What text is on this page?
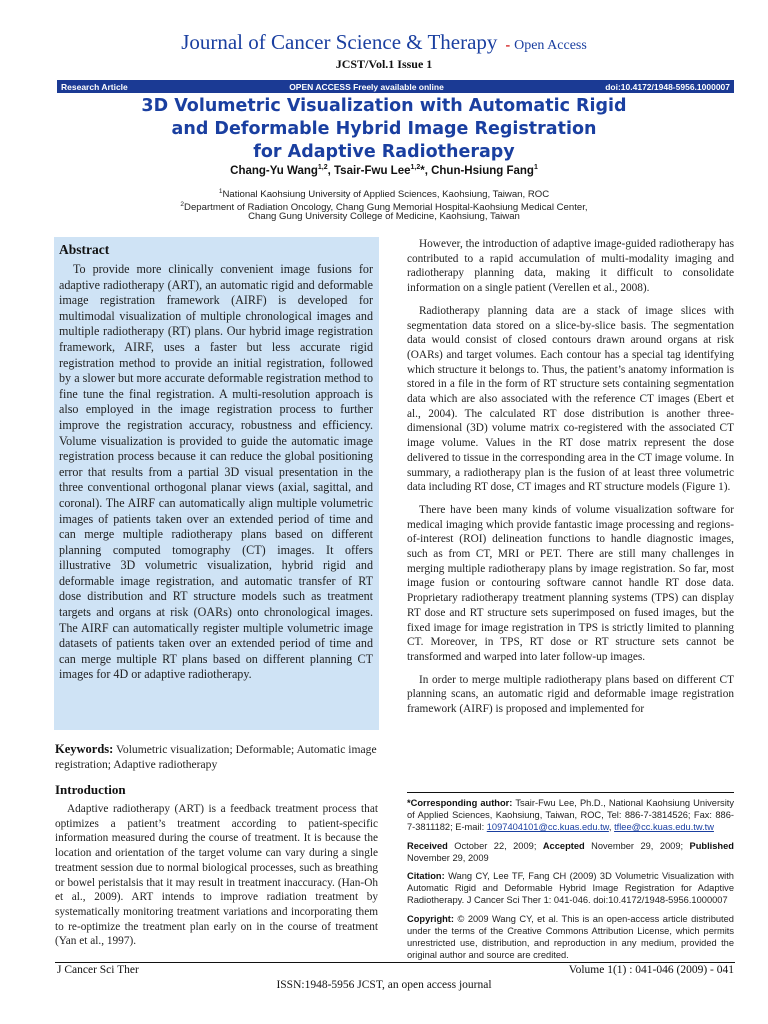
Journal of Cancer Science & Therapy - Open Access
JCST/Vol.1 Issue 1
Research Article	OPEN ACCESS Freely available online	doi:10.4172/1948-5956.1000007
3D Volumetric Visualization with Automatic Rigid
and Deformable Hybrid Image Registration
for Adaptive Radiotherapy
Chang-Yu Wang$^{1,2}$, Tsair-Fwu Lee$^{1,2}$*, Chun-Hsiung Fang$^1$
$^1$National Kaohsiung University of Applied Sciences, Kaohsiung, Taiwan, ROC
$^2$Department of Radiation Oncology, Chang Gung Memorial Hospital-Kaohsiung Medical Center,
Chang Gung University College of Medicine, Kaohsiung, Taiwan
Abstract

To provide more clinically convenient image fusions for adaptive radiotherapy (ART), an automatic rigid and deformable image registration framework (AIRF) is developed for multimodal visualization of multiple chronological images and multiple radiotherapy (RT) plans. Our hybrid image registration framework, AIRF, uses a faster but less accurate rigid registration method to provide an initial registration, followed by a slower but more accurate deformable registration method to fine tune the final registration. A multi-resolution approach is also employed in the image registration process to further improve the registration accuracy, robustness and efficiency. Volume visualization is provided to guide the automatic image registration process because it can reduce the global positioning error that results from a partial 3D visual presentation in the three conventional orthogonal planar views (axial, sagittal, and coronal). The AIRF can automatically align multiple volumetric images of patients taken over an extended period of time and can merge multiple radiotherapy plans based on different planning computed tomography (CT) images. It offers illustrative 3D volumetric visualization, hybrid rigid and deformable image registration, and automatic transfer of RT dose distribution and RT structure models such as treatment targets and organs at risk (OARs) onto chronological images. The AIRF can automatically register multiple volumetric image datasets of patients taken over an extended period of time and can merge multiple RT plans based on different planning CT images for 4D or adaptive radiotherapy.

Keywords: Volumetric visualization; Deformable; Automatic image registration; Adaptive radiotherapy

Introduction

Adaptive radiotherapy (ART) is a feedback treatment process that optimizes a patient’s treatment according to patient-specific information measured during the course of treatment. It is because the location and orientation of the target volume can vary during a single treatment session due to normal biological processes, such as breathing or bowel peristalsis that it may result in treatment inaccuracy. (Han-Oh et al., 2009). ART intends to improve radiation treatment by systematically monitoring treatment variations and incorporating them to re-optimize the treatment plan early on in the course of treatment (Yan et al., 1997).

However, the introduction of adaptive image-guided radiotherapy has contributed to a rapid accumulation of multi-modality imaging and radiotherapy planning data, making it difficult to consolidate information on a single patient (Verellen et al., 2008).

Radiotherapy planning data are a stack of image slices with segmentation data stored on a slice-by-slice basis. The segmentation data would consist of closed contours drawn around organs at risk (OARs) and target volumes. Each contour has a special tag identifying which structure it belongs to. Thus, the patient’s anatomy information is stored in a file in the form of RT structure sets containing segmentation data which are also associated with the reference CT images (Ebert et al., 2004). The calculated RT dose distribution is another three-dimensional (3D) volume matrix co-registered with the associated CT image volume. Values in the RT dose matrix represent the dose delivered to tissue in the corresponding area in the CT image volume. In summary, a radiotherapy plan is the fusion of at least three volumetric data including RT dose, CT images and RT structure models (Figure 1).

There have been many kinds of volume visualization software for medical imaging which provide fantastic image processing and regions-of-interest (ROI) delineation functions to handle diagnostic images, such as from CT, MRI or PET. There are still many challenges in merging multiple radiotherapy plans by image registration. So far, most image fusion or contouring software cannot handle RT dose data. Proprietary radiotherapy treatment planning systems (TPS) can display RT dose and RT structure sets superimposed on fused images, but the fixed image for image registration in TPS is strictly limited to planning CT. Moreover, in TPS, RT dose or RT structure sets cannot be transformed and warped into later follow-up images.

In order to merge multiple radiotherapy plans based on different CT planning scans, an automatic rigid and deformable image registration framework (AIRF) is proposed and implemented for

*Corresponding author: Tsair-Fwu Lee, Ph.D., National Kaohsiung University of Applied Sciences, Kaohsiung, Taiwan, ROC, Tel: 886-7-3814526; Fax: 886-7-3811182; E-mail: 1097404101@cc.kuas.edu.tw, tflee@cc.kuas.edu.tw.tw

Received October 22, 2009; Accepted November 29, 2009; Published November 29, 2009

Citation: Wang CY, Lee TF, Fang CH (2009) 3D Volumetric Visualization with Automatic Rigid and Deformable Hybrid Image Registration for Adaptive Radiotherapy. J Cancer Sci Ther 1: 041-046. doi:10.4172/1948-5956.1000007

Copyright: © 2009 Wang CY, et al. This is an open-access article distributed under the terms of the Creative Commons Attribution License, which permits unrestricted use, distribution, and reproduction in any medium, provided the original author and source are credited.

J Cancer Sci Ther	Volume 1(1) : 041-046 (2009) - 041
ISSN:1948-5956 JCST, an open access journal
